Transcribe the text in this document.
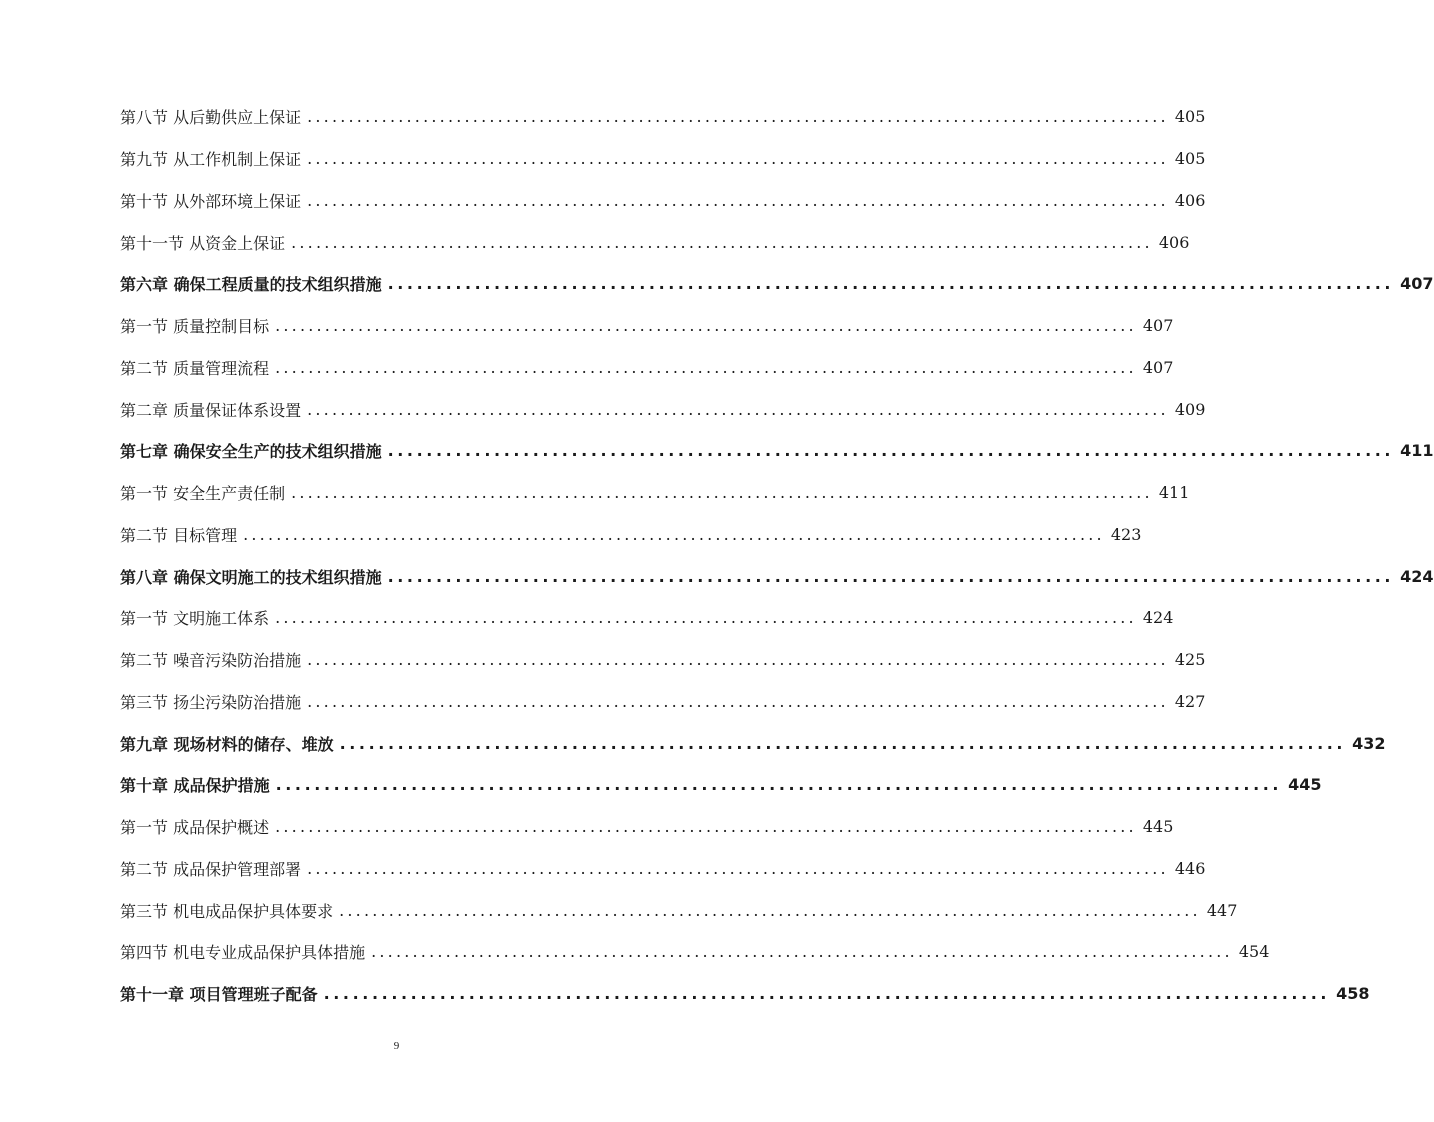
第八节 从后勤供应上保证 ........................................................................................................ 405
第九节 从工作机制上保证 ........................................................................................................ 405
第十节 从外部环境上保证 ........................................................................................................ 406
第十一节 从资金上保证 ........................................................................................................ 406
第六章 确保工程质量的技术组织措施 ........................................................................................................ 407
第一节 质量控制目标 ........................................................................................................ 407
第二节 质量管理流程 ........................................................................................................ 407
第二章 质量保证体系设置 ........................................................................................................ 409
第七章 确保安全生产的技术组织措施 ........................................................................................................ 411
第一节 安全生产责任制 ........................................................................................................ 411
第二节 目标管理 ........................................................................................................ 423
第八章 确保文明施工的技术组织措施 ........................................................................................................ 424
第一节 文明施工体系 ........................................................................................................ 424
第二节 噪音污染防治措施 ........................................................................................................ 425
第三节 扬尘污染防治措施 ........................................................................................................ 427
第九章 现场材料的储存、堆放 ........................................................................................................ 432
第十章 成品保护措施 ........................................................................................................ 445
第一节 成品保护概述 ........................................................................................................ 445
第二节 成品保护管理部署 ........................................................................................................ 446
第三节 机电成品保护具体要求 ........................................................................................................ 447
第四节 机电专业成品保护具体措施 ........................................................................................................ 454
第十一章 项目管理班子配备 ........................................................................................................ 458
9
